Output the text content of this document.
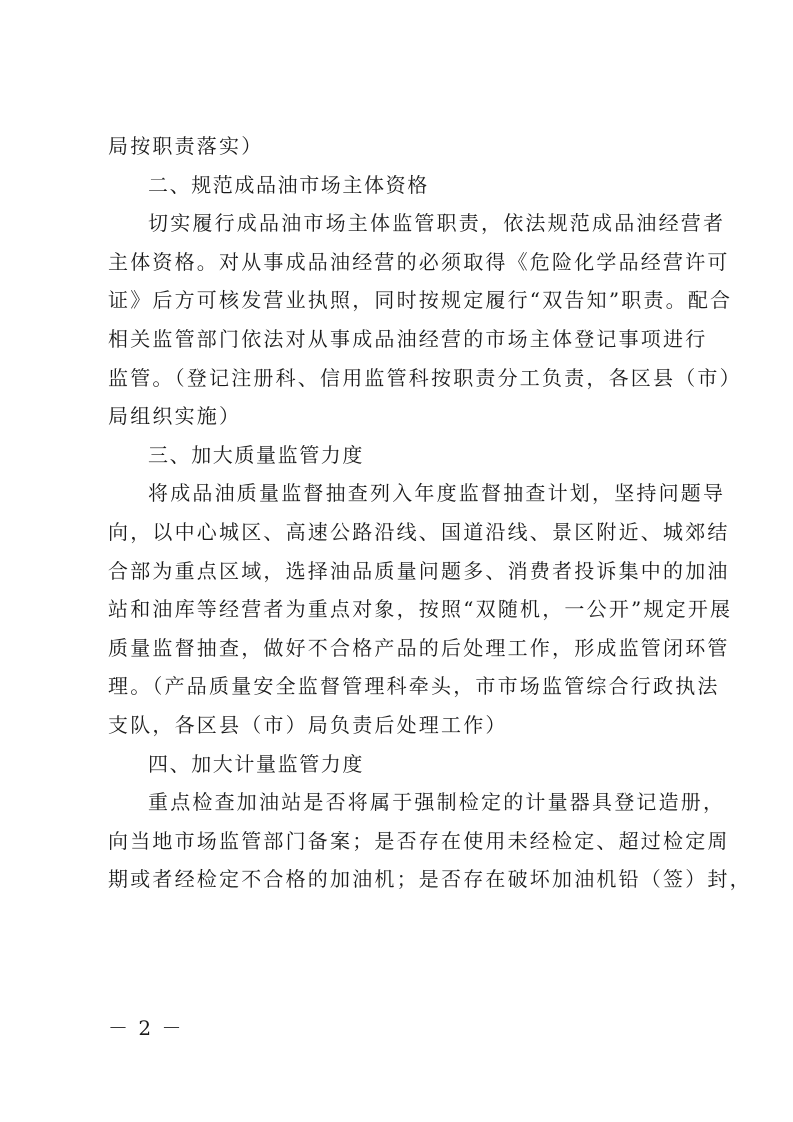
局按职责落实）
二、规范成品油市场主体资格
切实履行成品油市场主体监管职责，依法规范成品油经营者
主体资格。对从事成品油经营的必须取得《危险化学品经营许可
证》后方可核发营业执照，同时按规定履行“双告知”职责。配合
相关监管部门依法对从事成品油经营的市场主体登记事项进行
监管。（登记注册科、信用监管科按职责分工负责，各区县（市）
局组织实施）
三、加大质量监管力度
将成品油质量监督抽查列入年度监督抽查计划，坚持问题导
向，以中心城区、高速公路沿线、国道沿线、景区附近、城郊结
合部为重点区域，选择油品质量问题多、消费者投诉集中的加油
站和油库等经营者为重点对象，按照“双随机，一公开”规定开展
质量监督抽查，做好不合格产品的后处理工作，形成监管闭环管
理。（产品质量安全监督管理科牵头，市市场监管综合行政执法
支队，各区县（市）局负责后处理工作）
四、加大计量监管力度
重点检查加油站是否将属于强制检定的计量器具登记造册，
向当地市场监管部门备案；是否存在使用未经检定、超过检定周
期或者经检定不合格的加油机；是否存在破坏加油机铅（签）封，
－ 2 －
